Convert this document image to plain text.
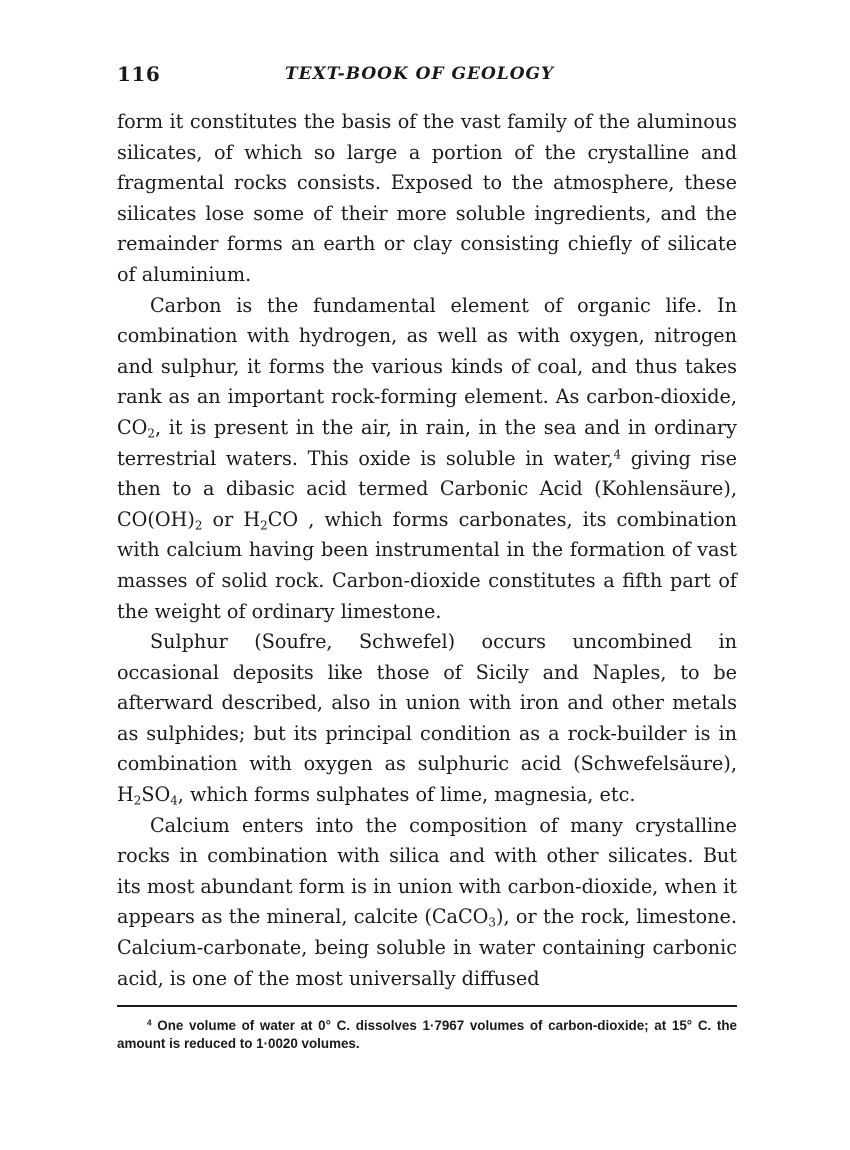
116	TEXT-BOOK OF GEOLOGY

form it constitutes the basis of the vast family of the aluminous silicates, of which so large a portion of the crystalline and fragmental rocks consists. Exposed to the atmosphere, these silicates lose some of their more soluble ingredients, and the remainder forms an earth or clay consisting chiefly of silicate of aluminium.

Carbon is the fundamental element of organic life. In combination with hydrogen, as well as with oxygen, nitrogen and sulphur, it forms the various kinds of coal, and thus takes rank as an important rock-forming element. As carbon-dioxide, $CO_2$, it is present in the air, in rain, in the sea and in ordinary terrestrial waters. This oxide is soluble in water,$^4$ giving rise then to a dibasic acid termed Carbonic Acid (Kohlensäure), $CO(OH)_2$ or $H_2CO$ , which forms carbonates, its combination with calcium having been instrumental in the formation of vast masses of solid rock. Carbon-dioxide constitutes a fifth part of the weight of ordinary limestone.

Sulphur (Soufre, Schwefel) occurs uncombined in occasional deposits like those of Sicily and Naples, to be afterward described, also in union with iron and other metals as sulphides; but its principal condition as a rock-builder is in combination with oxygen as sulphuric acid (Schwefelsäure), $H_2SO_4$, which forms sulphates of lime, magnesia, etc.

Calcium enters into the composition of many crystalline rocks in combination with silica and with other silicates. But its most abundant form is in union with carbon-dioxide, when it appears as the mineral, calcite (CaCO$_3$), or the rock, limestone. Calcium-carbonate, being soluble in water containing carbonic acid, is one of the most universally diffused

$^4$ One volume of water at 0° C. dissolves 1·7967 volumes of carbon-dioxide; at 15° C. the amount is reduced to 1·0020 volumes.
